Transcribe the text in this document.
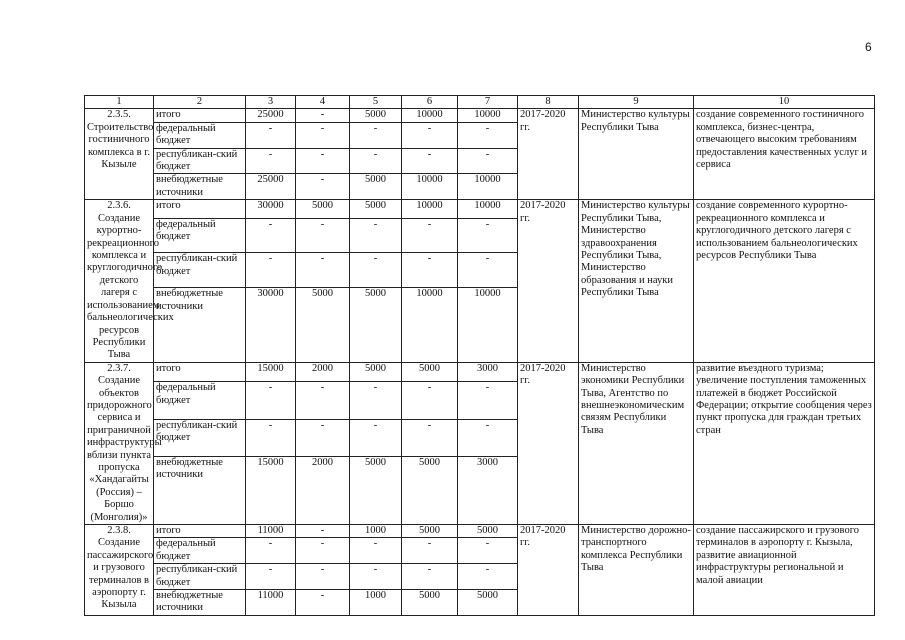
6
1	2	3	4	5	6	7	8	9	10
2.3.5. Строительство гостиничного комплекса в г. Кызыле	итого	25000	-	5000	10000	10000	2017-2020 гг.	Министерство культуры Республики Тыва	создание современного гостиничного комплекса, бизнес-центра, отвечающего высоким требованиям предоставления качественных услуг и сервиса
	федеральный бюджет	-	-	-	-	-			
	республикан-ский бюджет	-	-	-	-	-			
	внебюджетные источники	25000	-	5000	10000	10000			
2.3.6. Создание курортно-рекреационного комплекса и круглогодичного детского лагеря с использованием бальнеологических ресурсов Республики Тыва	итого	30000	5000	5000	10000	10000	2017-2020 гг.	Министерство культуры Республики Тыва, Министерство здравоохранения Республики Тыва, Министерство образования и науки Республики Тыва	создание современного курортно-рекреационного комплекса и круглогодичного детского лагеря с использованием бальнеологических ресурсов Республики Тыва
	федеральный бюджет	-	-	-	-	-			
	республикан-ский бюджет	-	-	-	-	-			
	внебюджетные источники	30000	5000	5000	10000	10000			
2.3.7. Создание объектов придорожного сервиса и приграничной инфраструктуры вблизи пункта пропуска «Хандагайты (Россия) – Боршо (Монголия)»	итого	15000	2000	5000	5000	3000	2017-2020 гг.	Министерство экономики Республики Тыва, Агентство по внешнеэкономическим связям Республики Тыва	развитие въездного туризма; увеличение поступления таможенных платежей в бюджет Российской Федерации; открытие сообщения через пункт пропуска для граждан третьих стран
	федеральный бюджет	-	-	-	-	-			
	республикан-ский бюджет	-	-	-	-	-			
	внебюджетные источники	15000	2000	5000	5000	3000			
2.3.8. Создание пассажирского и грузового терминалов в аэропорту г. Кызыла	итого	11000	-	1000	5000	5000	2017-2020 гг.	Министерство дорожно-транспортного комплекса Республики Тыва	создание пассажирского и грузового терминалов в аэропорту г. Кызыла, развитие авиационной инфраструктуры региональной и малой авиации
	федеральный бюджет	-	-	-	-	-			
	республикан-ский бюджет	-	-	-	-	-			
	внебюджетные источники	11000	-	1000	5000	5000			
